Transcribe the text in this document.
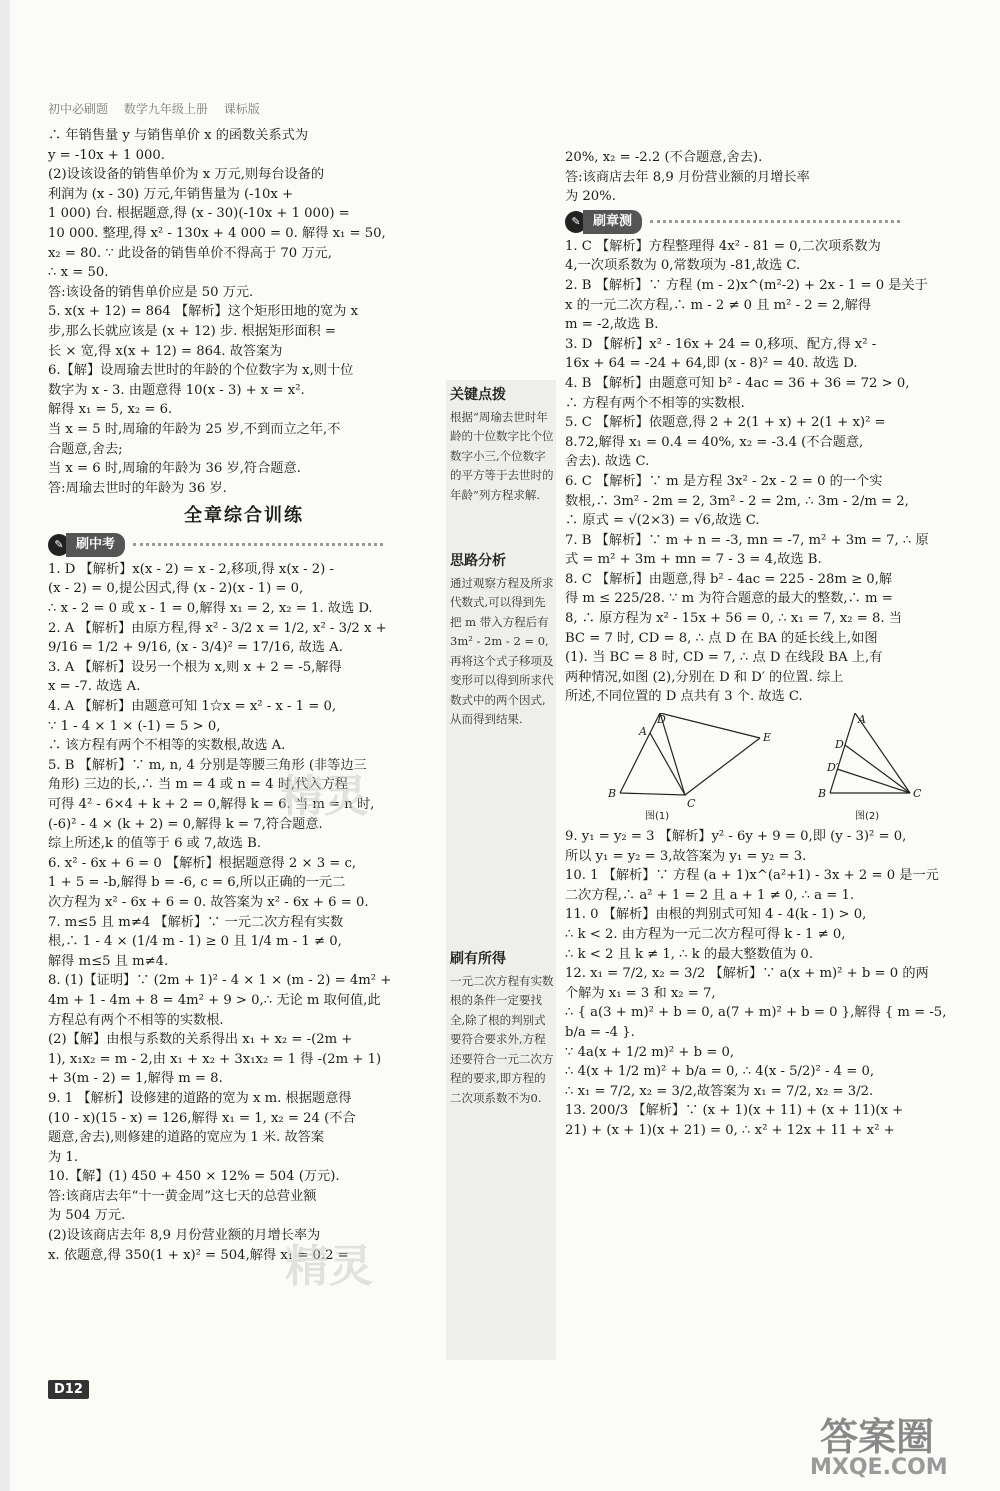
初中必刷题 数学九年级上册 课标版

∴ 年销售量 y 与销售单价 x 的函数关系式为

y = -10x + 1 000.

(2)设该设备的销售单价为 x 万元,则每台设备的

利润为 (x - 30) 万元,年销售量为 (-10x +

1 000) 台. 根据题意,得 (x - 30)(-10x + 1 000) =

10 000. 整理,得 x² - 130x + 4 000 = 0. 解得 x₁ = 50,

x₂ = 80. ∵ 此设备的销售单价不得高于 70 万元,

∴ x = 50.

答:该设备的销售单价应是 50 万元.

5. x(x + 12) = 864 【解析】这个矩形田地的宽为 x

步,那么长就应该是 (x + 12) 步. 根据矩形面积 =

长 × 宽,得 x(x + 12) = 864. 故答案为

6.【解】设周瑜去世时的年龄的个位数字为 x,则十位

数字为 x - 3. 由题意得 10(x - 3) + x = x².

解得 x₁ = 5, x₂ = 6.

当 x = 5 时,周瑜的年龄为 25 岁,不到而立之年,不

合题意,舍去;

当 x = 6 时,周瑜的年龄为 36 岁,符合题意.

答:周瑜去世时的年龄为 36 岁.

全章综合训练
✎ 刷中考

1. D 【解析】x(x - 2) = x - 2,移项,得 x(x - 2) -

(x - 2) = 0,提公因式,得 (x - 2)(x - 1) = 0,

∴ x - 2 = 0 或 x - 1 = 0,解得 x₁ = 2, x₂ = 1. 故选 D.

2. A 【解析】由原方程,得 x² - 3/2 x = 1/2, x² - 3/2 x +

9/16 = 1/2 + 9/16, (x - 3/4)² = 17/16, 故选 A.

3. A 【解析】设另一个根为 x,则 x + 2 = -5,解得

x = -7. 故选 A.

4. A 【解析】由题意可知 1☆x = x² - x - 1 = 0,

∵ 1 - 4 × 1 × (-1) = 5 > 0,

∴ 该方程有两个不相等的实数根,故选 A.

5. B 【解析】∵ m, n, 4 分别是等腰三角形 (非等边三

角形) 三边的长,∴ 当 m = 4 或 n = 4 时,代入方程

可得 4² - 6×4 + k + 2 = 0,解得 k = 6. 当 m = n 时,

(-6)² - 4 × (k + 2) = 0,解得 k = 7,符合题意.

综上所述,k 的值等于 6 或 7,故选 B.

6. x² - 6x + 6 = 0 【解析】根据题意得 2 × 3 = c,

1 + 5 = -b,解得 b = -6, c = 6,所以正确的一元二

次方程为 x² - 6x + 6 = 0. 故答案为 x² - 6x + 6 = 0.

7. m≤5 且 m≠4 【解析】∵ 一元二次方程有实数

根,∴ 1 - 4 × (1/4 m - 1) ≥ 0 且 1/4 m - 1 ≠ 0,

解得 m≤5 且 m≠4.

8. (1)【证明】∵ (2m + 1)² - 4 × 1 × (m - 2) = 4m² +

4m + 1 - 4m + 8 = 4m² + 9 > 0,∴ 无论 m 取何值,此

方程总有两个不相等的实数根.

(2)【解】由根与系数的关系得出 x₁ + x₂ = -(2m +

1), x₁x₂ = m - 2,由 x₁ + x₂ + 3x₁x₂ = 1 得 -(2m + 1)

+ 3(m - 2) = 1,解得 m = 8.

9. 1 【解析】设修建的道路的宽为 x m. 根据题意得

(10 - x)(15 - x) = 126,解得 x₁ = 1, x₂ = 24 (不合

题意,舍去),则修建的道路的宽应为 1 米. 故答案

为 1.

10.【解】(1) 450 + 450 × 12% = 504 (万元).

答:该商店去年“十一黄金周”这七天的总营业额

为 504 万元.

(2)设该商店去年 8,9 月份营业额的月增长率为

x. 依题意,得 350(1 + x)² = 504,解得 x₁ = 0.2 =

关键点拨
根据“周瑜去世时年龄的十位数字比个位数字小三,个位数字的平方等于去世时的年龄”列方程求解.
思路分析
通过观察方程及所求代数式,可以得到先把 m 带入方程后有 3m² - 2m - 2 = 0,再将这个式子移项及变形可以得到所求代数式中的两个因式,从而得到结果.
刷有所得
一元二次方程有实数根的条件一定要找全,除了根的判别式要符合要求外,方程还要符合一元二次方程的要求,即方程的二次项系数不为0.

20%, x₂ = -2.2 (不合题意,舍去).

答:该商店去年 8,9 月份营业额的月增长率

为 20%.

✎ 刷章测

1. C 【解析】方程整理得 4x² - 81 = 0,二次项系数为

4,一次项系数为 0,常数项为 -81,故选 C.

2. B 【解析】∵ 方程 (m - 2)x^(m²-2) + 2x - 1 = 0 是关于

x 的一元二次方程,∴ m - 2 ≠ 0 且 m² - 2 = 2,解得

m = -2,故选 B.

3. D 【解析】x² - 16x + 24 = 0,移项、配方,得 x² -

16x + 64 = -24 + 64,即 (x - 8)² = 40. 故选 D.

4. B 【解析】由题意可知 b² - 4ac = 36 + 36 = 72 > 0,

∴ 方程有两个不相等的实数根.

5. C 【解析】依题意,得 2 + 2(1 + x) + 2(1 + x)² =

8.72,解得 x₁ = 0.4 = 40%, x₂ = -3.4 (不合题意,

舍去). 故选 C.

6. C 【解析】∵ m 是方程 3x² - 2x - 2 = 0 的一个实

数根,∴ 3m² - 2m = 2, 3m² - 2 = 2m, ∴ 3m - 2/m = 2,

∴ 原式 = √(2×3) = √6,故选 C.

7. B 【解析】∵ m + n = -3, mn = -7, m² + 3m = 7, ∴ 原

式 = m² + 3m + mn = 7 - 3 = 4,故选 B.

8. C 【解析】由题意,得 b² - 4ac = 225 - 28m ≥ 0,解

得 m ≤ 225/28. ∵ m 为符合题意的最大的整数,∴ m =

8, ∴ 原方程为 x² - 15x + 56 = 0, ∴ x₁ = 7, x₂ = 8. 当

BC = 7 时, CD = 8, ∴ 点 D 在 BA 的延长线上,如图

(1). 当 BC = 8 时, CD = 7, ∴ 点 D 在线段 BA 上,有

两种情况,如图 (2),分别在 D 和 D′ 的位置. 综上

所述,不同位置的 D 点共有 3 个. 故选 C.

B
A
D
E
C
B
A
D
D′
C
图(1)	图(2)

9. y₁ = y₂ = 3 【解析】y² - 6y + 9 = 0,即 (y - 3)² = 0,

所以 y₁ = y₂ = 3,故答案为 y₁ = y₂ = 3.

10. 1 【解析】∵ 方程 (a + 1)x^(a²+1) - 3x + 2 = 0 是一元

二次方程,∴ a² + 1 = 2 且 a + 1 ≠ 0, ∴ a = 1.

11. 0 【解析】由根的判别式可知 4 - 4(k - 1) > 0,

∴ k < 2. 由方程为一元二次方程可得 k - 1 ≠ 0,

∴ k < 2 且 k ≠ 1, ∴ k 的最大整数值为 0.

12. x₁ = 7/2, x₂ = 3/2 【解析】∵ a(x + m)² + b = 0 的两

个解为 x₁ = 3 和 x₂ = 7,

∴ { a(3 + m)² + b = 0, a(7 + m)² + b = 0 },解得 { m = -5, b/a = -4 }.

∵ 4a(x + 1/2 m)² + b = 0,

∴ 4(x + 1/2 m)² + b/a = 0, ∴ 4(x - 5/2)² - 4 = 0,

∴ x₁ = 7/2, x₂ = 3/2,故答案为 x₁ = 7/2, x₂ = 3/2.

13. 200/3 【解析】∵ (x + 1)(x + 11) + (x + 11)(x +

21) + (x + 1)(x + 21) = 0, ∴ x² + 12x + 11 + x² +

精灵
精灵
D12
答案圈
MXQE.COM
